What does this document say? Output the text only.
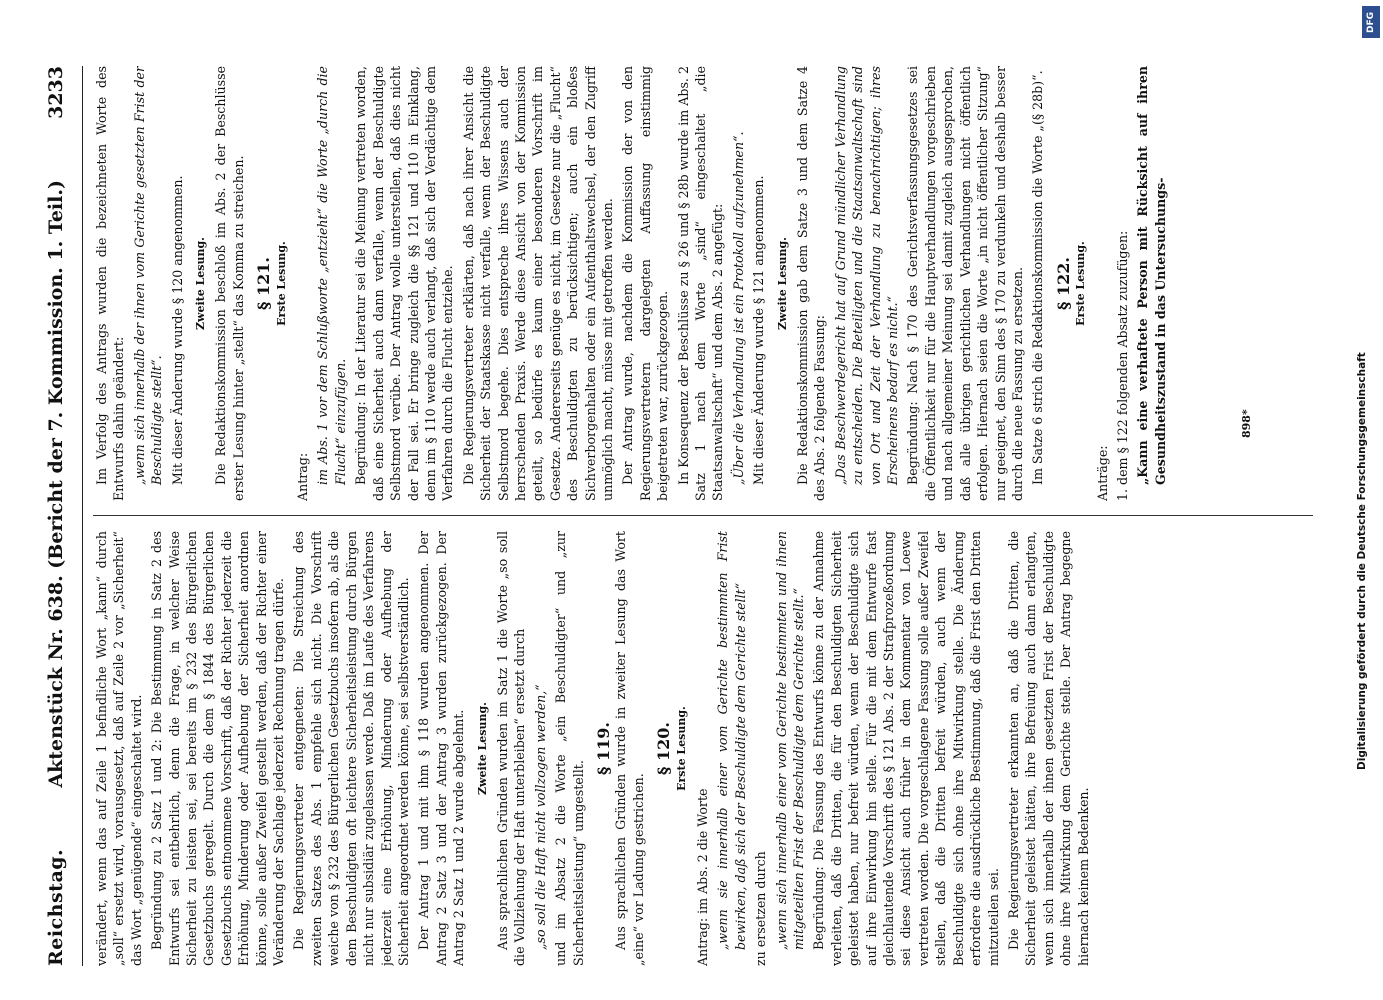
Reichstag.
Aktenstück Nr. 638. (Bericht der 7. Kommission. 1. Teil.)
3233

verändert, wenn das auf Zeile 1 befindliche Wort „kann“ durch „soll“ ersetzt wird, vorausgesetzt, daß auf Zeile 2 vor „Sicherheit“ das Wort „genügende“ eingeschaltet wird. Begründung zu 2 Satz 1 und 2: Die Bestimmung in Satz 2 des Entwurfs sei entbehrlich, denn die Frage, in welcher Weise Sicherheit zu leisten sei, sei bereits im § 232 des Bürgerlichen Gesetzbuchs geregelt. Durch die dem § 1844 des Bürgerlichen Gesetzbuchs entnommene Vorschrift, daß der Richter jederzeit die Erhöhung, Minderung oder Aufhebung der Sicherheit anordnen könne, solle außer Zweifel gestellt werden, daß der Richter einer Veränderung der Sachlage jederzeit Rechnung tragen dürfe. Die Regierungsvertreter entgegneten: Die Streichung des zweiten Satzes des Abs. 1 empfehle sich nicht. Die Vorschrift weiche von § 232 des Bürgerlichen Gesetzbuchs insofern ab, als die dem Beschuldigten oft leichtere Sicherheitsleistung durch Bürgen nicht nur subsidiär zugelassen werde. Daß im Laufe des Verfahrens jederzeit eine Erhöhung, Minderung oder Aufhebung der Sicherheit angeordnet werden könne, sei selbstverständlich. Der Antrag 1 und mit ihm § 118 wurden angenommen. Der Antrag 2 Satz 3 und der Antrag 3 wurden zurückgezogen. Der Antrag 2 Satz 1 und 2 wurde abgelehnt. Zweite Lesung. Aus sprachlichen Gründen wurden im Satz 1 die Worte „so soll die Vollziehung der Haft unterbleiben“ ersetzt durch „so soll die Haft nicht vollzogen werden,“ und im Absatz 2 die Worte „ein Beschuldigter“ und „zur Sicherheitsleistung“ umgestellt.

§ 119. Aus sprachlichen Gründen wurde in zweiter Lesung das Wort „eine“ vor Ladung gestrichen.

§ 120. Erste Lesung.

Antrag: im Abs. 2 die Worte „wenn sie innerhalb einer vom Gerichte bestimmten Frist bewirken, daß sich der Beschuldigte dem Gerichte stellt“ zu ersetzen durch „wenn sich innerhalb einer vom Gerichte bestimmten und ihnen mitgeteilten Frist der Beschuldigte dem Gerichte stellt.“ Begründung: Die Fassung des Entwurfs könne zu der Annahme verleiten, daß die Dritten, die für den Beschuldigten Sicherheit geleistet haben, nur befreit würden, wenn der Beschuldigte sich auf ihre Einwirkung hin stelle. Für die mit dem Entwurfe fast gleichlautende Vorschrift des § 121 Abs. 2 der Strafprozeßordnung sei diese Ansicht auch früher in dem Kommentar von Loewe vertreten worden. Die vorgeschlagene Fassung solle außer Zweifel stellen, daß die Dritten befreit würden, auch wenn der Beschuldigte sich ohne ihre Mitwirkung stelle. Die Änderung erfordere die ausdrückliche Bestimmung, daß die Frist den Dritten mitzuteilen sei. Die Regierungsvertreter erkannten an, daß die Dritten, die Sicherheit geleistet hätten, ihre Befreiung auch dann erlangten, wenn sich innerhalb der ihnen gesetzten Frist der Beschuldigte ohne ihre Mitwirkung dem Gerichte stelle. Der Antrag begegne hiernach keinem Bedenken.

Im Verfolg des Antrags wurden die bezeichneten Worte des Entwurfs dahin geändert: „wenn sich innerhalb der ihnen vom Gerichte gesetzten Frist der Beschuldigte stellt“. Mit dieser Änderung wurde § 120 angenommen. Zweite Lesung. Die Redaktionskommission beschloß im Abs. 2 der Beschlüsse erster Lesung hinter „stellt“ das Komma zu streichen. § 121. Erste Lesung.

Antrag: im Abs. 1 vor dem Schlußworte „entzieht“ die Worte „durch die Flucht“ einzufügen. Begründung: In der Literatur sei die Meinung vertreten worden, daß eine Sicherheit auch dann verfalle, wenn der Beschuldigte Selbstmord verübe. Der Antrag wolle unterstellen, daß dies nicht der Fall sei. Er bringe zugleich die §§ 121 und 110 in Einklang, denn im § 110 werde auch verlangt, daß sich der Verdächtige dem Verfahren durch die Flucht entziehe. Die Regierungsvertreter erklärten, daß nach ihrer Ansicht die Sicherheit der Staatskasse nicht verfalle, wenn der Beschuldigte Selbstmord begehe. Dies entspreche ihres Wissens auch der herrschenden Praxis. Werde diese Ansicht von der Kommission geteilt, so bedürfe es kaum einer besonderen Vorschrift im Gesetze. Andererseits genüge es nicht, im Gesetze nur die „Flucht“ des Beschuldigten zu berücksichtigen; auch ein bloßes Sichverborgenhalten oder ein Aufenthaltswechsel, der den Zugriff unmöglich macht, müsse mit getroffen werden. Der Antrag wurde, nachdem die Kommission der von den Regierungsvertretern dargelegten Auffassung einstimmig beigetreten war, zurückgezogen. In Konsequenz der Beschlüsse zu § 26 und § 28b wurde im Abs. 2 Satz 1 nach dem Worte „sind“ eingeschaltet „die Staatsanwaltschaft“ und dem Abs. 2 angefügt: „Über die Verhandlung ist ein Protokoll aufzunehmen“. Mit dieser Änderung wurde § 121 angenommen. Zweite Lesung. Die Redaktionskommission gab dem Satze 3 und dem Satze 4 des Abs. 2 folgende Fassung: „Das Beschwerdegericht hat auf Grund mündlicher Verhandlung zu entscheiden. Die Beteiligten und die Staatsanwaltschaft sind von Ort und Zeit der Verhandlung zu benachrichtigen; ihres Erscheinens bedarf es nicht.“ Begründung: Nach § 170 des Gerichtsverfassungsgesetzes sei die Öffentlichkeit nur für die Hauptverhandlungen vorgeschrieben und nach allgemeiner Meinung sei damit zugleich ausgesprochen, daß alle übrigen gerichtlichen Verhandlungen nicht öffentlich erfolgen. Hiernach seien die Worte „in nicht öffentlicher Sitzung“ nur geeignet, den Sinn des § 170 zu verdunkeln und deshalb besser durch die neue Fassung zu ersetzen. Im Satze 6 strich die Redaktionskommission die Worte „(§ 28b)“. § 122. Erste Lesung.

Anträge: 1. dem § 122 folgenden Absatz zuzufügen: „Kann eine verhaftete Person mit Rücksicht auf ihren Gesundheitszustand in das Untersuchungs-	898*
DFG
Digitalisierung gefördert durch die Deutsche Forschungsgemeinschaft
